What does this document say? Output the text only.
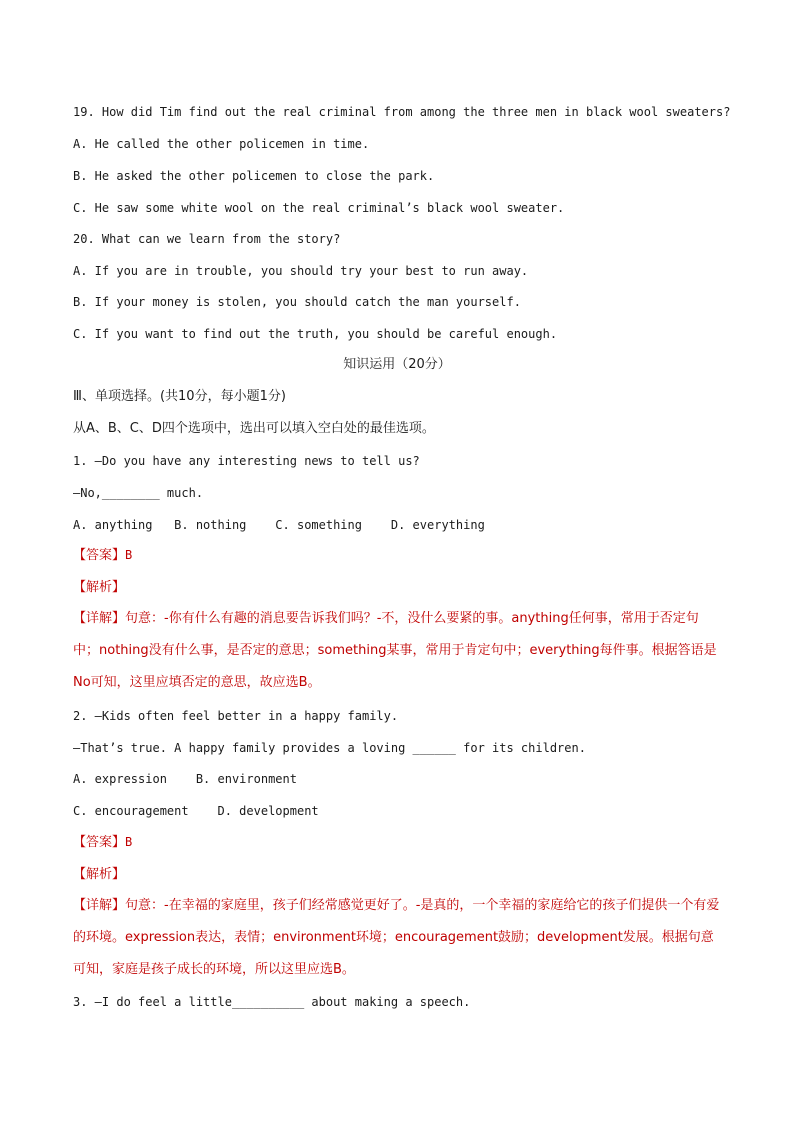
19. How did Tim find out the real criminal from among the three men in black wool sweaters?
A. He called the other policemen in time.
B. He asked the other policemen to close the park.
C. He saw some white wool on the real criminal’s black wool sweater.
20. What can we learn from the story?
A. If you are in trouble, you should try your best to run away.
B. If your money is stolen, you should catch the man yourself.
C. If you want to find out the truth, you should be careful enough.
知识运用（20分）
Ⅲ、单项选择。(共10分，每小题1分)
从A、B、C、D四个选项中，选出可以填入空白处的最佳选项。
1. —Do you have any interesting news to tell us?
—No,________ much.
A. anything   B. nothing    C. something    D. everything
【答案】B
【解析】
【详解】句意：-你有什么有趣的消息要告诉我们吗？-不，没什么要紧的事。anything任何事，常用于否定句中；nothing没有什么事，是否定的意思；something某事，常用于肯定句中；everything每件事。根据答语是No可知，这里应填否定的意思，故应选B。
2. —Kids often feel better in a happy family.
—That’s true. A happy family provides a loving ______ for its children.
A. expression    B. environment
C. encouragement    D. development
【答案】B
【解析】
【详解】句意：-在幸福的家庭里，孩子们经常感觉更好了。-是真的，一个幸福的家庭给它的孩子们提供一个有爱的环境。expression表达，表情；environment环境；encouragement鼓励；development发展。根据句意可知，家庭是孩子成长的环境，所以这里应选B。
3. —I do feel a little__________ about making a speech.
